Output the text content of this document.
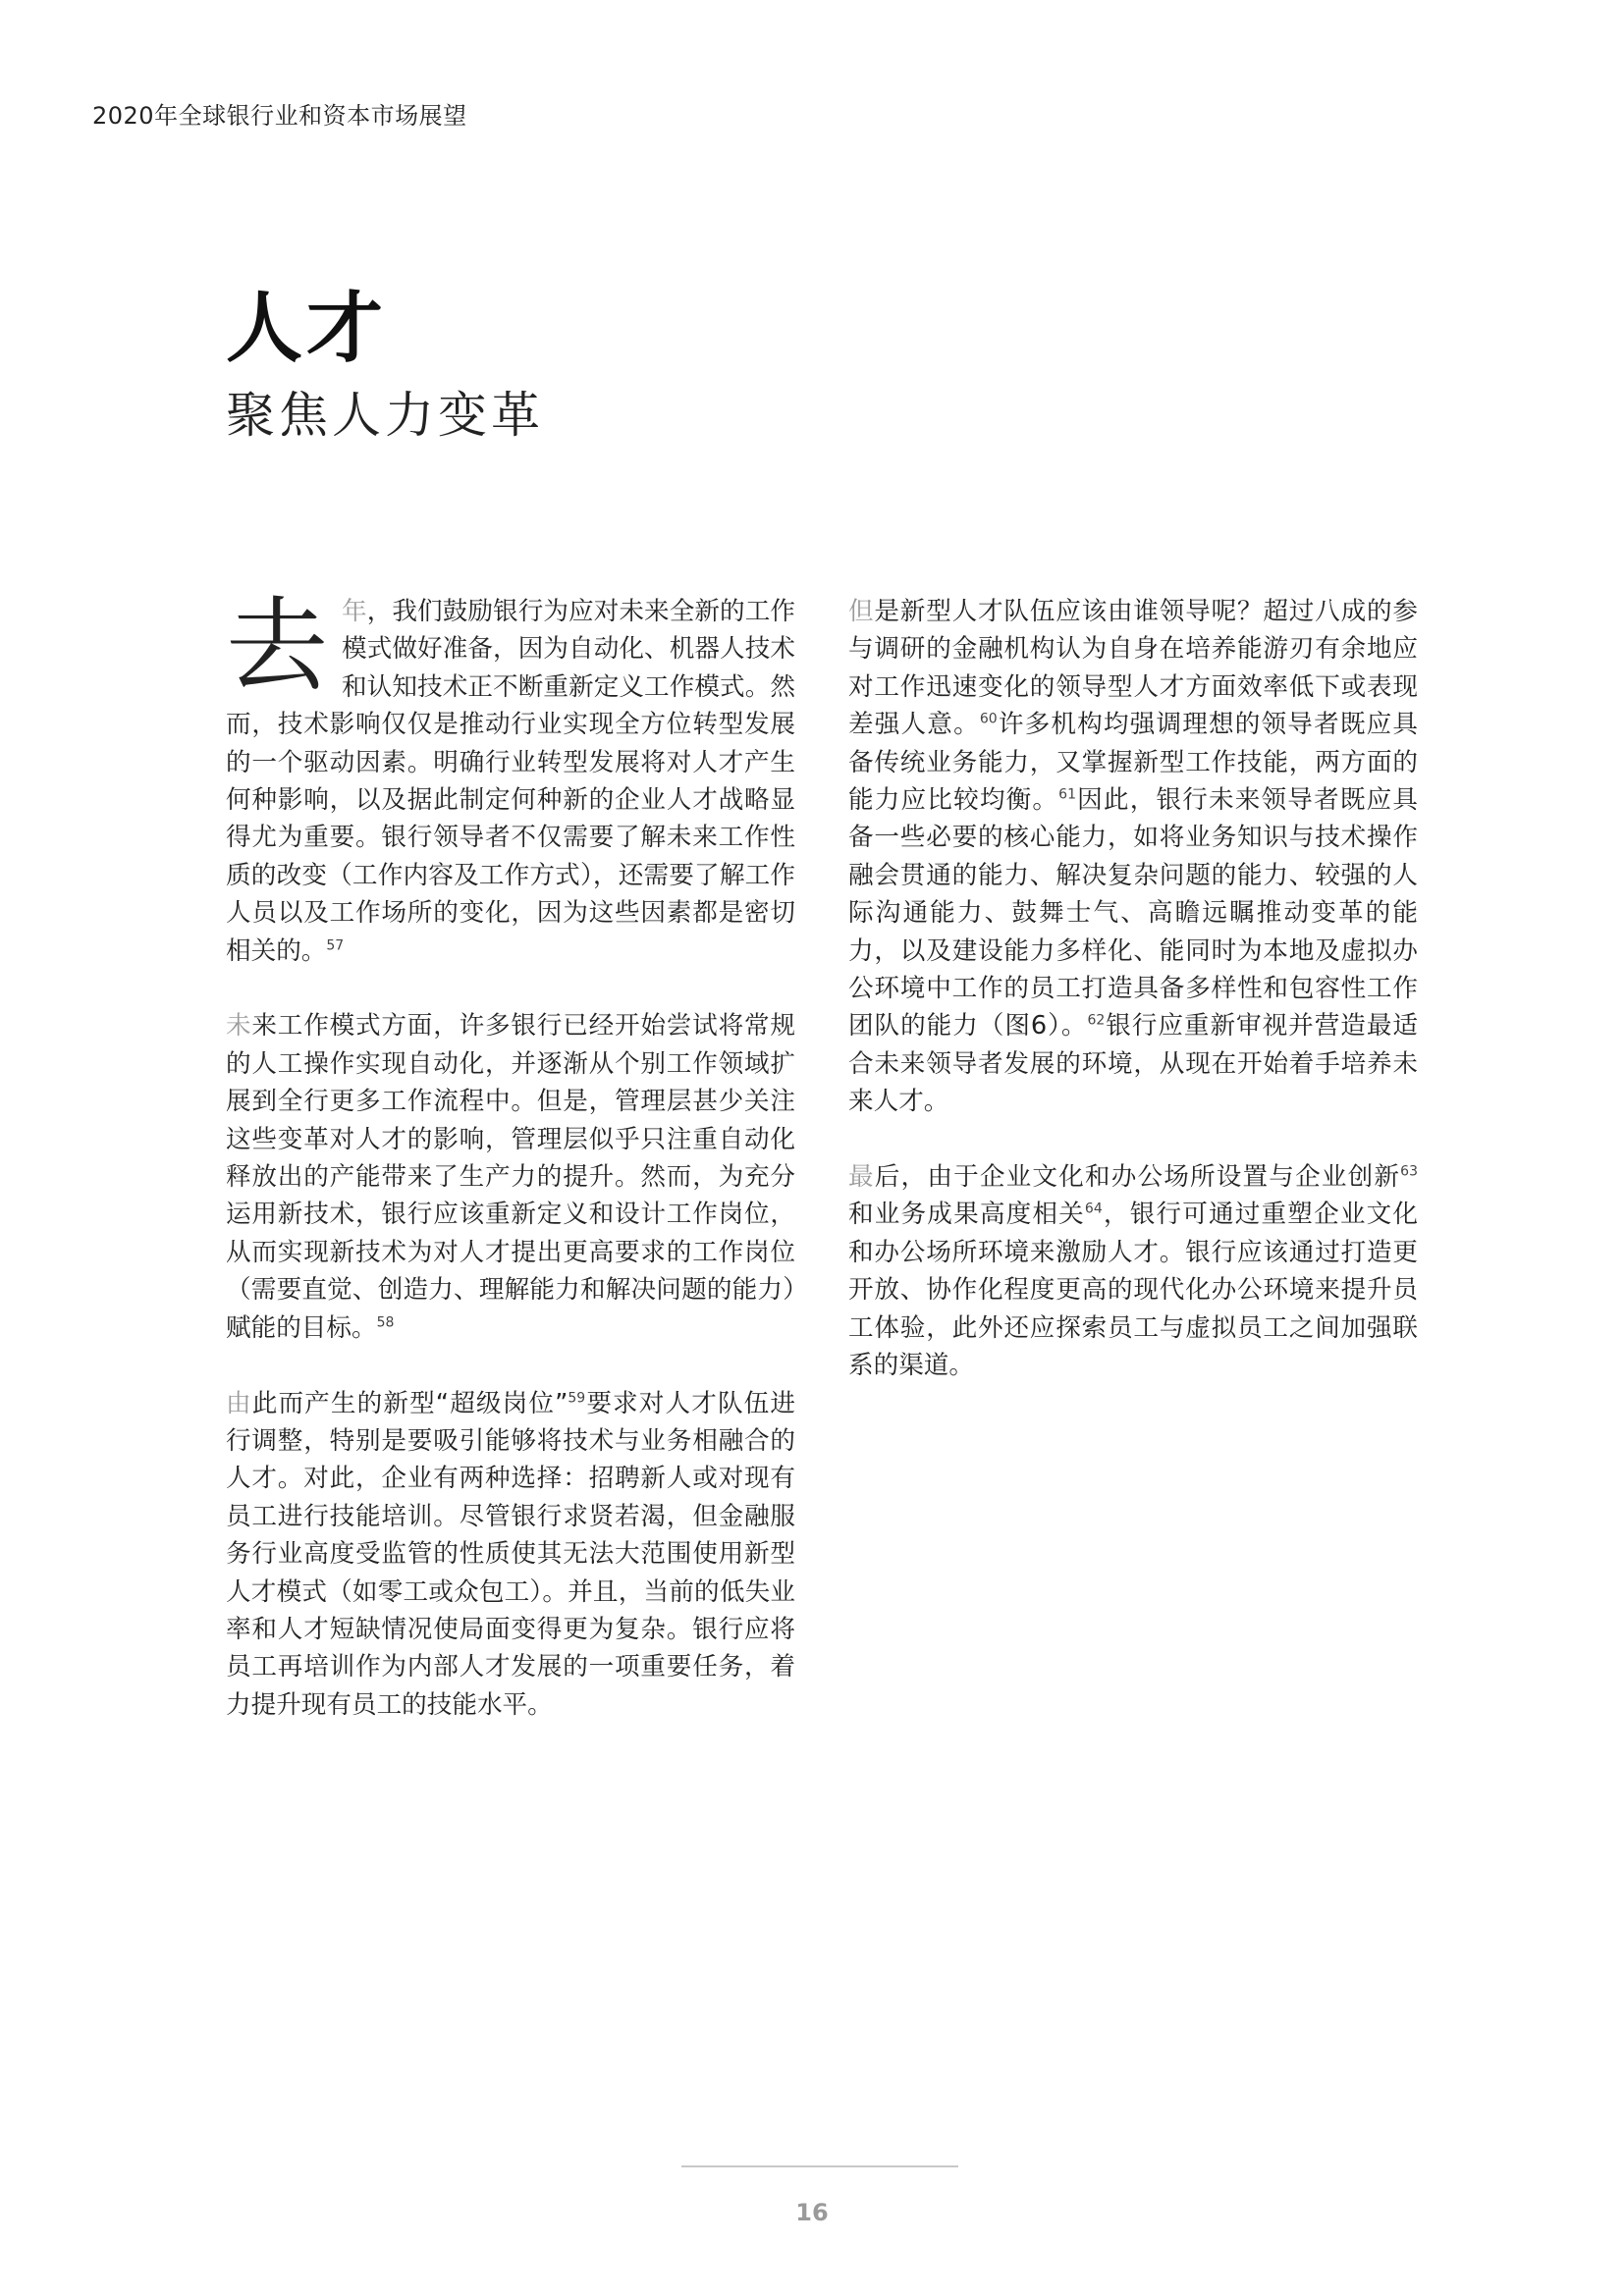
2020年全球银行业和资本市场展望
人才
聚焦人力变革

去年，我们鼓励银行为应对未来全新的工作模式做好准备，因为自动化、机器人技术和认知技术正不断重新定义工作模式。然而，技术影响仅仅是推动行业实现全方位转型发展的一个驱动因素。明确行业转型发展将对人才产生何种影响，以及据此制定何种新的企业人才战略显得尤为重要。银行领导者不仅需要了解未来工作性质的改变（工作内容及工作方式），还需要了解工作人员以及工作场所的变化，因为这些因素都是密切相关的。$^{57}$

未来工作模式方面，许多银行已经开始尝试将常规的人工操作实现自动化，并逐渐从个别工作领域扩展到全行更多工作流程中。但是，管理层甚少关注这些变革对人才的影响，管理层似乎只注重自动化释放出的产能带来了生产力的提升。然而，为充分运用新技术，银行应该重新定义和设计工作岗位，从而实现新技术为对人才提出更高要求的工作岗位（需要直觉、创造力、理解能力和解决问题的能力）赋能的目标。$^{58}$

由此而产生的新型“超级岗位”$^{59}$要求对人才队伍进行调整，特别是要吸引能够将技术与业务相融合的人才。对此，企业有两种选择：招聘新人或对现有员工进行技能培训。尽管银行求贤若渴，但金融服务行业高度受监管的性质使其无法大范围使用新型人才模式（如零工或众包工）。并且，当前的低失业率和人才短缺情况使局面变得更为复杂。银行应将员工再培训作为内部人才发展的一项重要任务，着力提升现有员工的技能水平。

但是新型人才队伍应该由谁领导呢？超过八成的参与调研的金融机构认为自身在培养能游刃有余地应对工作迅速变化的领导型人才方面效率低下或表现差强人意。$^{60}$许多机构均强调理想的领导者既应具备传统业务能力，又掌握新型工作技能，两方面的能力应比较均衡。$^{61}$因此，银行未来领导者既应具备一些必要的核心能力，如将业务知识与技术操作融会贯通的能力、解决复杂问题的能力、较强的人际沟通能力、鼓舞士气、高瞻远瞩推动变革的能力，以及建设能力多样化、能同时为本地及虚拟办公环境中工作的员工打造具备多样性和包容性工作团队的能力（图6）。$^{62}$银行应重新审视并营造最适合未来领导者发展的环境，从现在开始着手培养未来人才。

最后，由于企业文化和办公场所设置与企业创新$^{63}$和业务成果高度相关$^{64}$，银行可通过重塑企业文化和办公场所环境来激励人才。银行应该通过打造更开放、协作化程度更高的现代化办公环境来提升员工体验，此外还应探索员工与虚拟员工之间加强联系的渠道。

16
